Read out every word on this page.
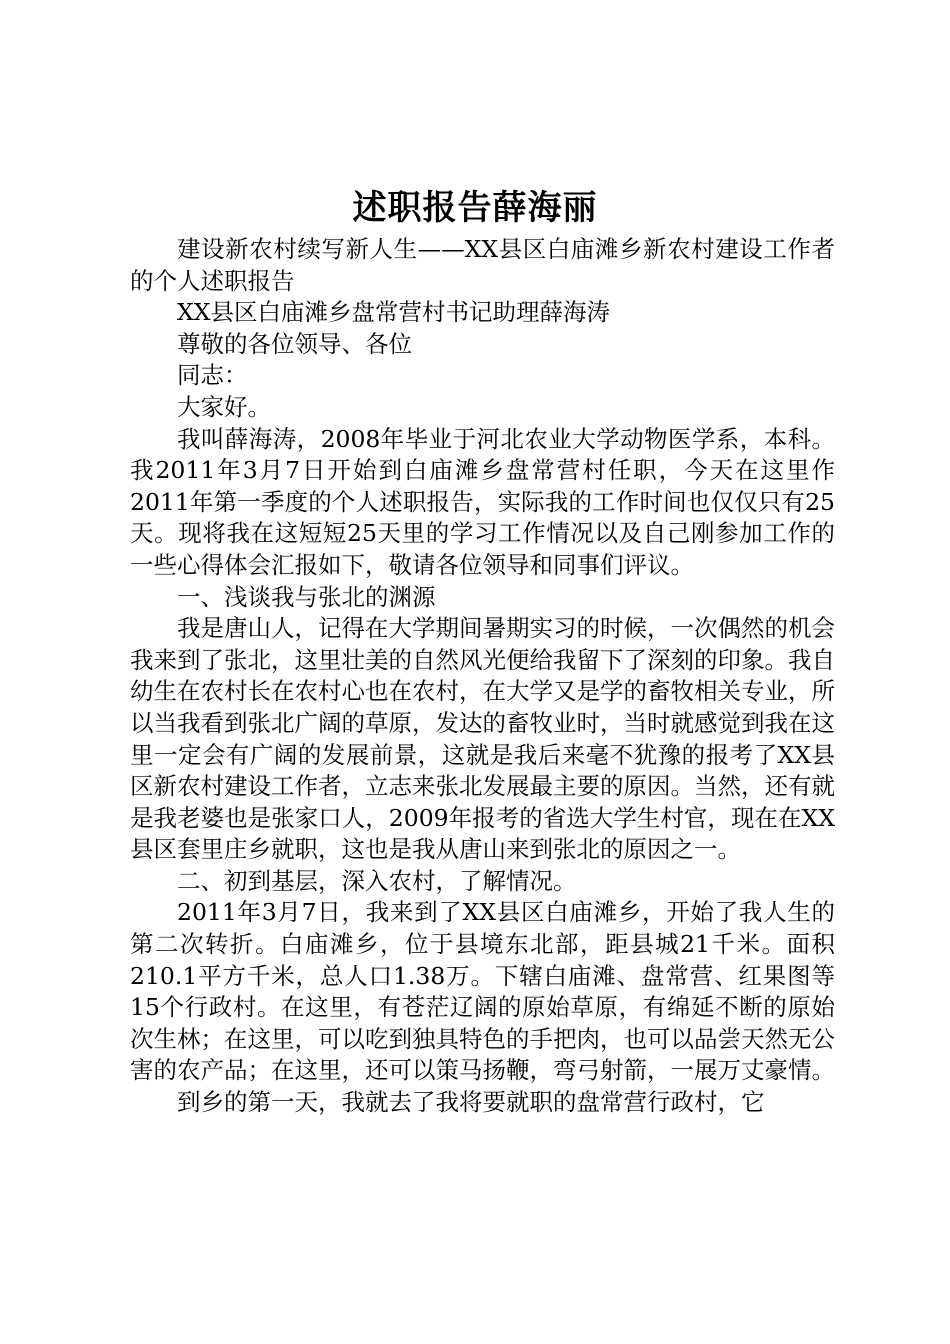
述职报告薛海丽

建设新农村续写新人生——XX县区白庙滩乡新农村建设工作者的个人述职报告

XX县区白庙滩乡盘常营村书记助理薛海涛

尊敬的各位领导、各位

同志：

大家好。

我叫薛海涛，2008年毕业于河北农业大学动物医学系，本科。我2011年3月7日开始到白庙滩乡盘常营村任职，今天在这里作2011年第一季度的个人述职报告，实际我的工作时间也仅仅只有25天。现将我在这短短25天里的学习工作情况以及自己刚参加工作的一些心得体会汇报如下，敬请各位领导和同事们评议。

一、浅谈我与张北的渊源

我是唐山人，记得在大学期间暑期实习的时候，一次偶然的机会我来到了张北，这里壮美的自然风光便给我留下了深刻的印象。我自幼生在农村长在农村心也在农村，在大学又是学的畜牧相关专业，所以当我看到张北广阔的草原，发达的畜牧业时，当时就感觉到我在这里一定会有广阔的发展前景，这就是我后来毫不犹豫的报考了XX县区新农村建设工作者，立志来张北发展最主要的原因。当然，还有就是我老婆也是张家口人，2009年报考的省选大学生村官，现在在XX县区套里庄乡就职，这也是我从唐山来到张北的原因之一。

二、初到基层，深入农村，了解情况。

2011年3月7日，我来到了XX县区白庙滩乡，开始了我人生的第二次转折。白庙滩乡，位于县境东北部，距县城21千米。面积210.1平方千米，总人口1.38万。下辖白庙滩、盘常营、红果图等15个行政村。在这里，有苍茫辽阔的原始草原，有绵延不断的原始次生林；在这里，可以吃到独具特色的手把肉，也可以品尝天然无公害的农产品；在这里，还可以策马扬鞭，弯弓射箭，一展万丈豪情。

到乡的第一天，我就去了我将要就职的盘常营行政村，它
